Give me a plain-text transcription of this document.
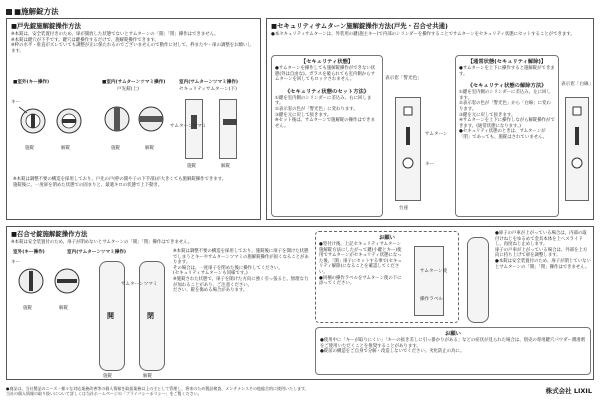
■施解錠方法
■戸先錠施解錠操作方法
※本錠は、安全装置付きのため、扉が開放した状態でないとサムターンの「開」「閉」操作はできません。
※本錠は鍵穴が下手です。鍵穴は鍵操作するだけで、施解錠操作できます。
※枠の水平・垂直がズレていても調整が正に保たれるのでございませんので動作に対して、枠またや・扉の調整をお願いします。
■室外(キー操作)	■室内(サムターンツマミ操作)
戸先錠(上)
室内(サムターンツマミ操作)
セキュリティサムターン(下)
キー
施錠	解錠	施錠	解錠
サムターンツマミ
施錠	解錠
※本錠は調整不要の構造を採用しており、戸先の戸(枠の開や子の下手部)が大きくても施解錠操作できます。
施錠後に、一度扉を閉めた状態での固まりと、最適キロの状態で上下動き。
■セキュリティサムターン施解錠操作方法(戸先・召合せ共通)
●本セキュリティサムターンは、外装用の鍵(施主キー)で内部のシリンダーを操作することでサムターンをセキュリティ状態にセットすることができます。
【セキュリティ状態】
●サムターンを操作しても施解錠操作ができない状態(外は自由な)。ガラスを破られても室内側からサムターンを回してもロックされません。
《セキュリティ状態のセット方法》
①鍵を室内側のシリンダーに差込み、右に回します。
②表示窓の色が「警光色」に変わります。
③鍵を元に戻して抜きます。
※セット後は、サムターンで施解錠の操作はできません。
表示窓「警光色」
サムターン
キー
台座
【通常状態(セキュリティ解除)】
●サムターンを上下に操作すると施解錠ができます。
《セキュリティ状態の解除方法》
①鍵を室内側のシリンダーに差込み、左に回します。
②表示窓の色が「警光色」から「白線」に変わります。
③鍵を元に戻して抜きます。
④サムターンを上下に操作しながら解錠操作ができます。(通常状態になります。)
●セキュリティ状態のときは、サムターンが「閉」であっても、施錠はされていません。
表示窓「白線」
■召合せ錠施解錠操作方法
※本錠は安全装置付のため、扉子が閉めないとサムターンの「開」「閉」操作はできません。
室外(キー操作)	室内(サムターンツマミ操作)
キー
施錠	解錠
開	閉
サムターンツマミ
施錠	解錠
※本錠は調整不要の構造を採用しており、施錠後に扉子を開けた状態でしまうとキーやサムターンツマミの施解錠操作が固くなることがあります。
その場合は、一度扉子を閉めた後に操作してください。
(セキュリティサムターンも同様です。)
※施錠された状態で、扉子を開けた方向に強く引っ張ると、無理な力が加わることがあり、ご注意ください。
ださい、錠を傷める場合があります。
お願い
●型付け後、上記セキュリティサムターン施解錠方法にしたがって鍵(小鍵とキー)使用でサムターンがセキュリティ状態になった後、「開」扉子にセットする事で(セキュリティ解除)になることを確認してください。
●同梱の操作ラベルをサムターン使の下に添ってください。
サムターン使
操作ラベル
●扉子の戸車が上がっている場合は、内部の取付けねじをゆるめて金具本体を上へスライドし、再度ねじ止めします。
扉子の戸車が上がっている場合は、外部を上方向に持ち上げて扉を調整します。
●本錠は安全装置付のため、扉子が閉じていないとサムターンの「開」「閉」操作はできません。
お願い
●使用中に「キーが取りにくい」「キーの抜き差しに引っ掛かりがある」などの症状が見られた場合は、別売の専用鍵穴パウダー潤滑剤をご使用いただくことを推奨することがあります。
●錠前の構造をご自身で分解・改造しないでください。劣化防止の為に。
●商品は、当社製品のニーズ・様々な対応業務改善等の個人情報を取扱業務以上の主として管理し、将来のため製品検査、メンテナンスその他総合的に使用いたします。
当社の個人情報の取り扱いについて詳しくは当社ホームページの「プライバシーポリシー」をご覧ください。	株式会社 LIXIL
